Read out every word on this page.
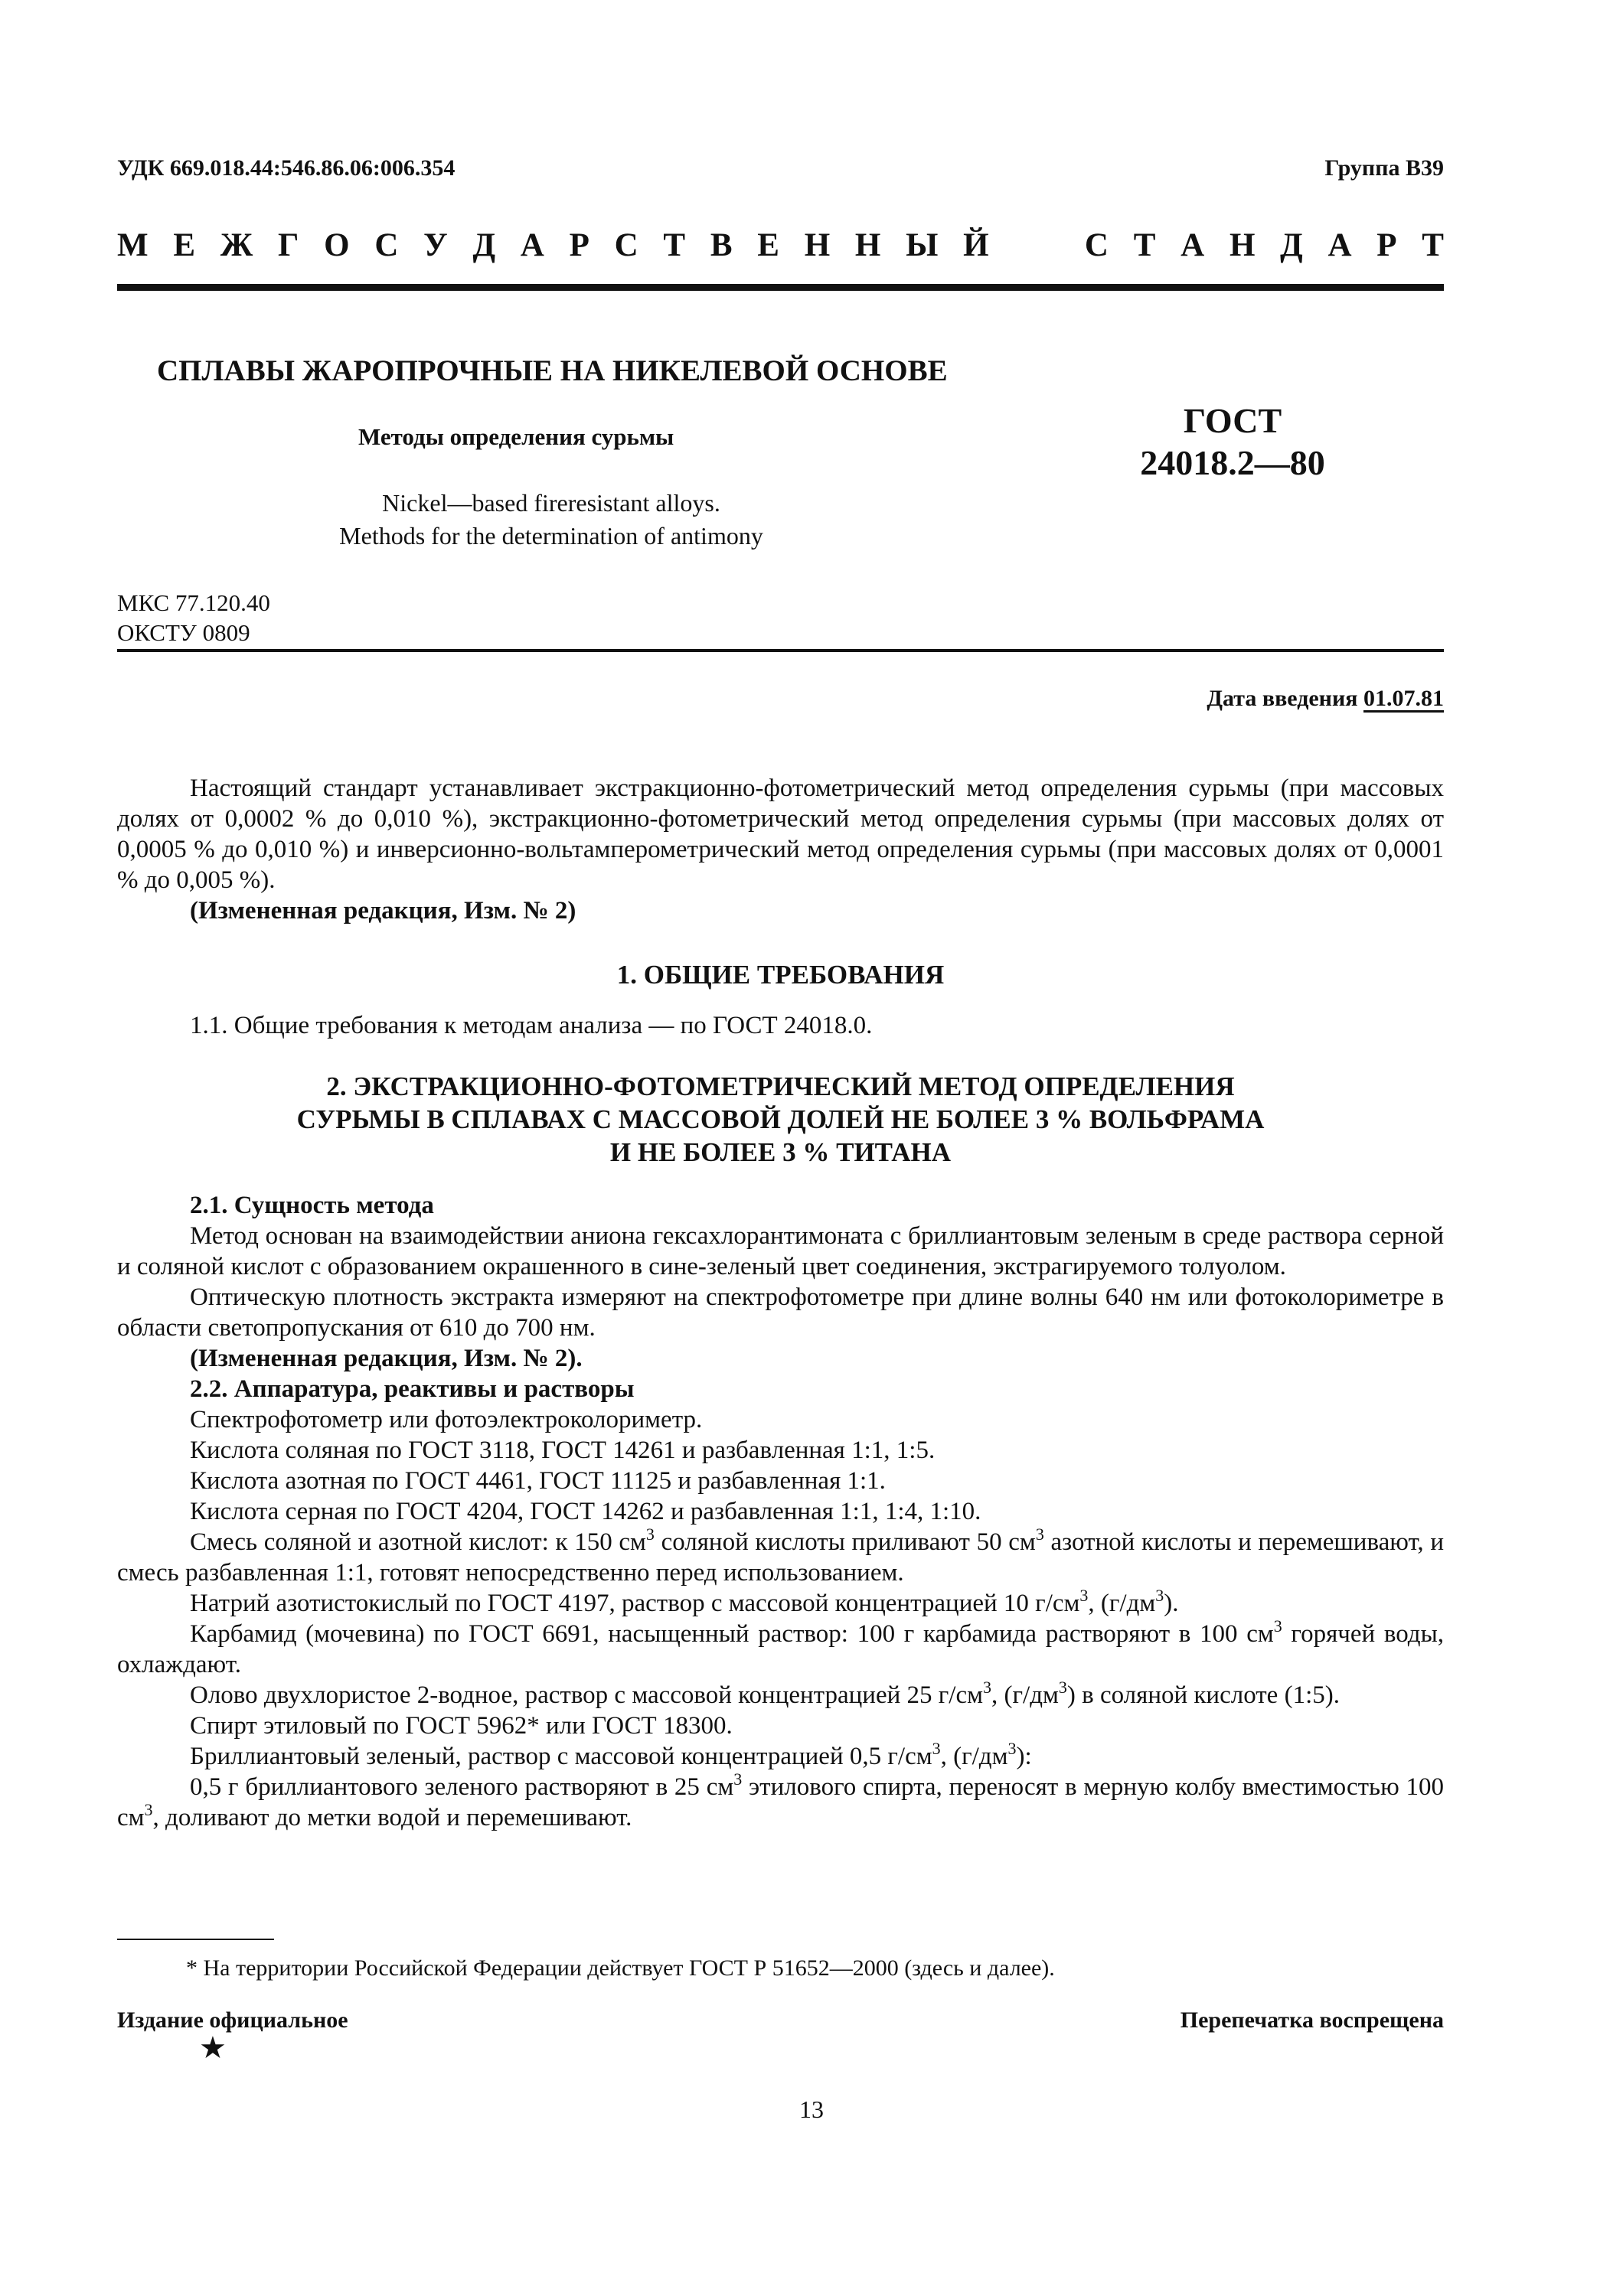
УДК 669.018.44:546.86.06:006.354	Группа В39
М Е Ж Г О С У Д А Р С Т В Е Н Н Ы Й	С Т А Н Д А Р Т
СПЛАВЫ ЖАРОПРОЧНЫЕ НА НИКЕЛЕВОЙ ОСНОВЕ
Методы определения сурьмы
Nickel—based fireresistant alloys.
Methods for the determination of antimony
ГОСТ
24018.2—80
МКС 77.120.40
ОКСТУ 0809
Дата введения 01.07.81

Настоящий стандарт устанавливает экстракционно-фотометрический метод определения сурьмы (при массовых долях от 0,0002 % до 0,010 %), экстракционно-фотометрический метод определения сурьмы (при массовых долях от 0,0005 % до 0,010 %) и инверсионно-вольтамперометрический метод определения сурьмы (при массовых долях от 0,0001 % до 0,005 %).

(Измененная редакция, Изм. № 2)

1. ОБЩИЕ ТРЕБОВАНИЯ

1.1. Общие требования к методам анализа — по ГОСТ 24018.0.

2. ЭКСТРАКЦИОННО-ФОТОМЕТРИЧЕСКИЙ МЕТОД ОПРЕДЕЛЕНИЯ
СУРЬМЫ В СПЛАВАХ С МАССОВОЙ ДОЛЕЙ НЕ БОЛЕЕ 3 % ВОЛЬФРАМА
И НЕ БОЛЕЕ 3 % ТИТАНА

2.1. Сущность метода

Метод основан на взаимодействии аниона гексахлорантимоната с бриллиантовым зеленым в среде раствора серной и соляной кислот с образованием окрашенного в сине-зеленый цвет соединения, экстрагируемого толуолом.

Оптическую плотность экстракта измеряют на спектрофотометре при длине волны 640 нм или фотоколориметре в области светопропускания от 610 до 700 нм.

(Измененная редакция, Изм. № 2).

2.2. Аппаратура, реактивы и растворы

Спектрофотометр или фотоэлектроколориметр.

Кислота соляная по ГОСТ 3118, ГОСТ 14261 и разбавленная 1:1, 1:5.

Кислота азотная по ГОСТ 4461, ГОСТ 11125 и разбавленная 1:1.

Кислота серная по ГОСТ 4204, ГОСТ 14262 и разбавленная 1:1, 1:4, 1:10.

Смесь соляной и азотной кислот: к 150 $см^3$ соляной кислоты приливают 50 $см^3$ азотной кислоты и перемешивают, и смесь разбавленная 1:1, готовят непосредственно перед использованием.

Натрий азотистокислый по ГОСТ 4197, раствор с массовой концентрацией 10 $г/см^3$, $(г/дм^3)$.

Карбамид (мочевина) по ГОСТ 6691, насыщенный раствор: 100 г карбамида растворяют в 100 $см^3$ горячей воды, охлаждают.

Олово двухлористое 2-водное, раствор с массовой концентрацией 25 $г/см^3$, $(г/дм^3)$ в соляной кислоте (1:5).

Спирт этиловый по ГОСТ 5962* или ГОСТ 18300.

Бриллиантовый зеленый, раствор с массовой концентрацией 0,5 $г/см^3$, $(г/дм^3)$:

0,5 г бриллиантового зеленого растворяют в 25 $см^3$ этилового спирта, переносят в мерную колбу вместимостью 100 $см^3$, доливают до метки водой и перемешивают.

* На территории Российской Федерации действует ГОСТ Р 51652—2000 (здесь и далее).
Издание официальное
★
Перепечатка воспрещена
13
